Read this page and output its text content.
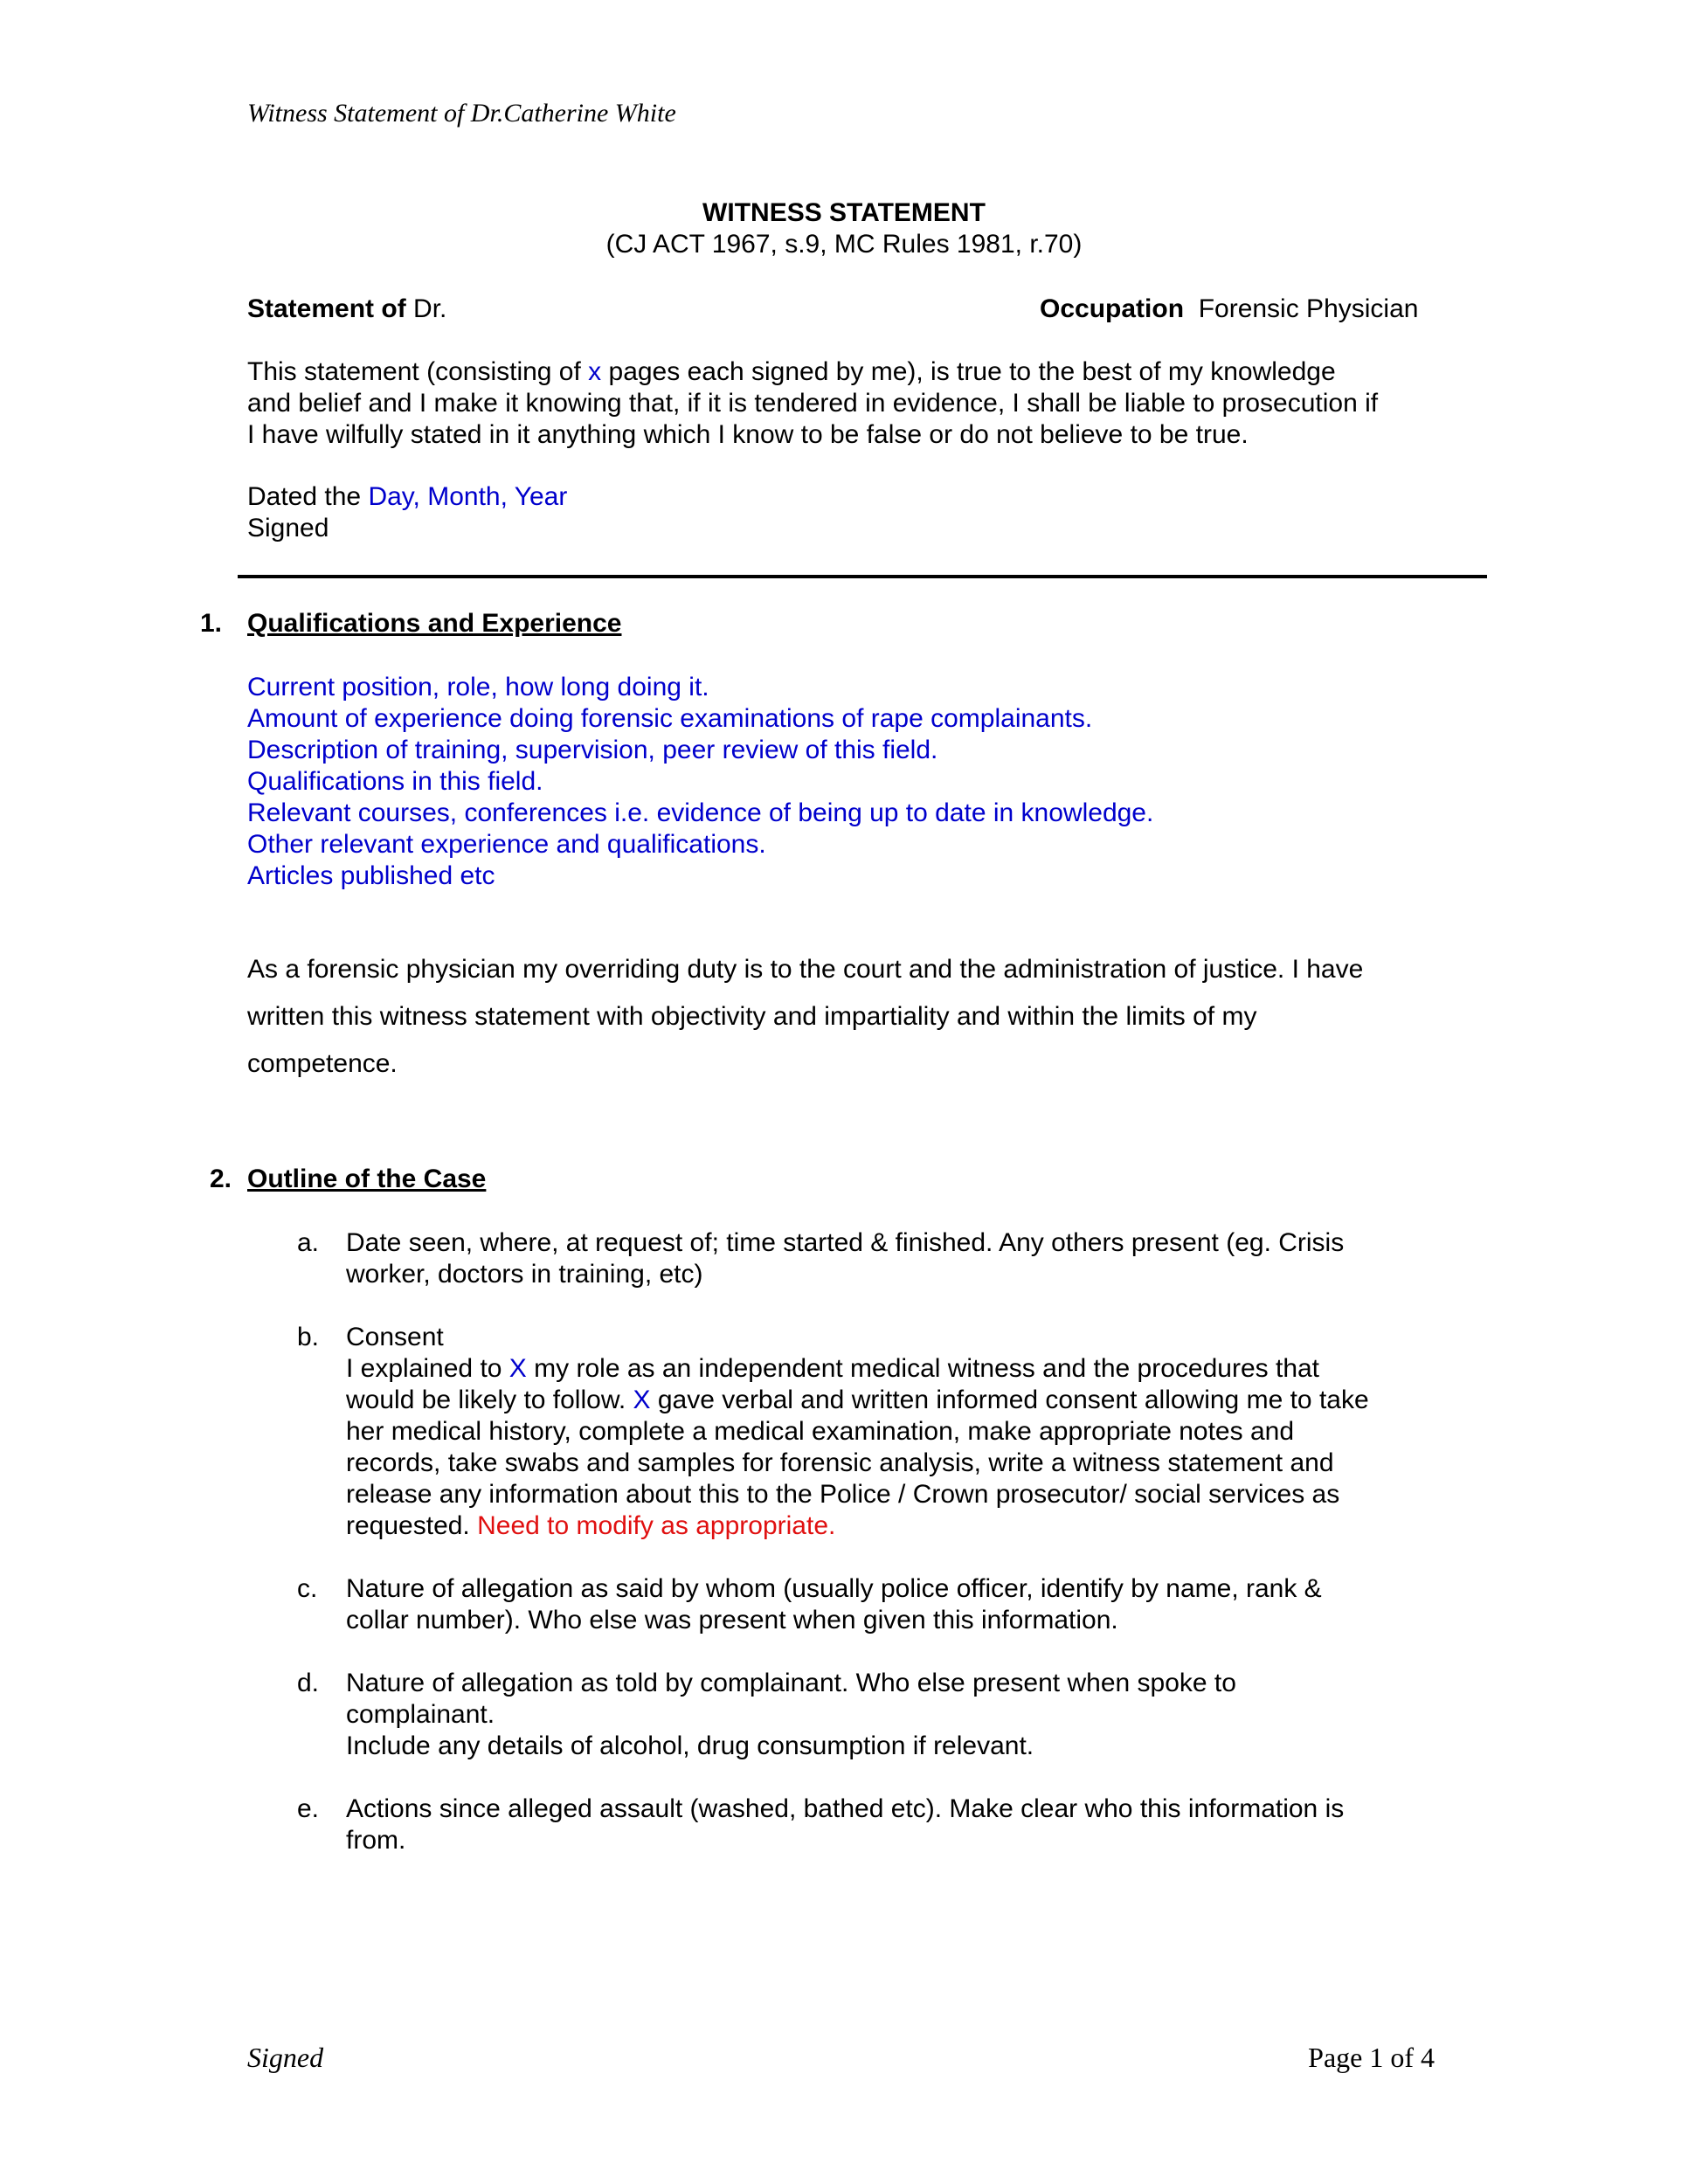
Witness Statement of Dr.Catherine White
WITNESS STATEMENT
(CJ ACT 1967, s.9, MC Rules 1981, r.70)
Statement of Dr.	Occupation Forensic Physician
This statement (consisting of x pages each signed by me), is true to the best of my knowledge
and belief and I make it knowing that, if it is tendered in evidence, I shall be liable to prosecution if
I have wilfully stated in it anything which I know to be false or do not believe to be true.
Dated the Day, Month, Year
Signed
1. Qualifications and Experience
Current position, role, how long doing it.
Amount of experience doing forensic examinations of rape complainants.
Description of training, supervision, peer review of this field.
Qualifications in this field.
Relevant courses, conferences i.e. evidence of being up to date in knowledge.
Other relevant experience and qualifications.
Articles published etc
As a forensic physician my overriding duty is to the court and the administration of justice. I have
written this witness statement with objectivity and impartiality and within the limits of my
competence.
2. Outline of the Case
a. Date seen, where, at request of; time started & finished. Any others present (eg. Crisis
worker, doctors in training, etc)
b. Consent
I explained to X my role as an independent medical witness and the procedures that
would be likely to follow. X gave verbal and written informed consent allowing me to take
her medical history, complete a medical examination, make appropriate notes and
records, take swabs and samples for forensic analysis, write a witness statement and
release any information about this to the Police / Crown prosecutor/ social services as
requested. Need to modify as appropriate.
c. Nature of allegation as said by whom (usually police officer, identify by name, rank &
collar number). Who else was present when given this information.
d. Nature of allegation as told by complainant. Who else present when spoke to
complainant.
Include any details of alcohol, drug consumption if relevant.
e. Actions since alleged assault (washed, bathed etc). Make clear who this information is
from.
Signed	Page 1 of 4
